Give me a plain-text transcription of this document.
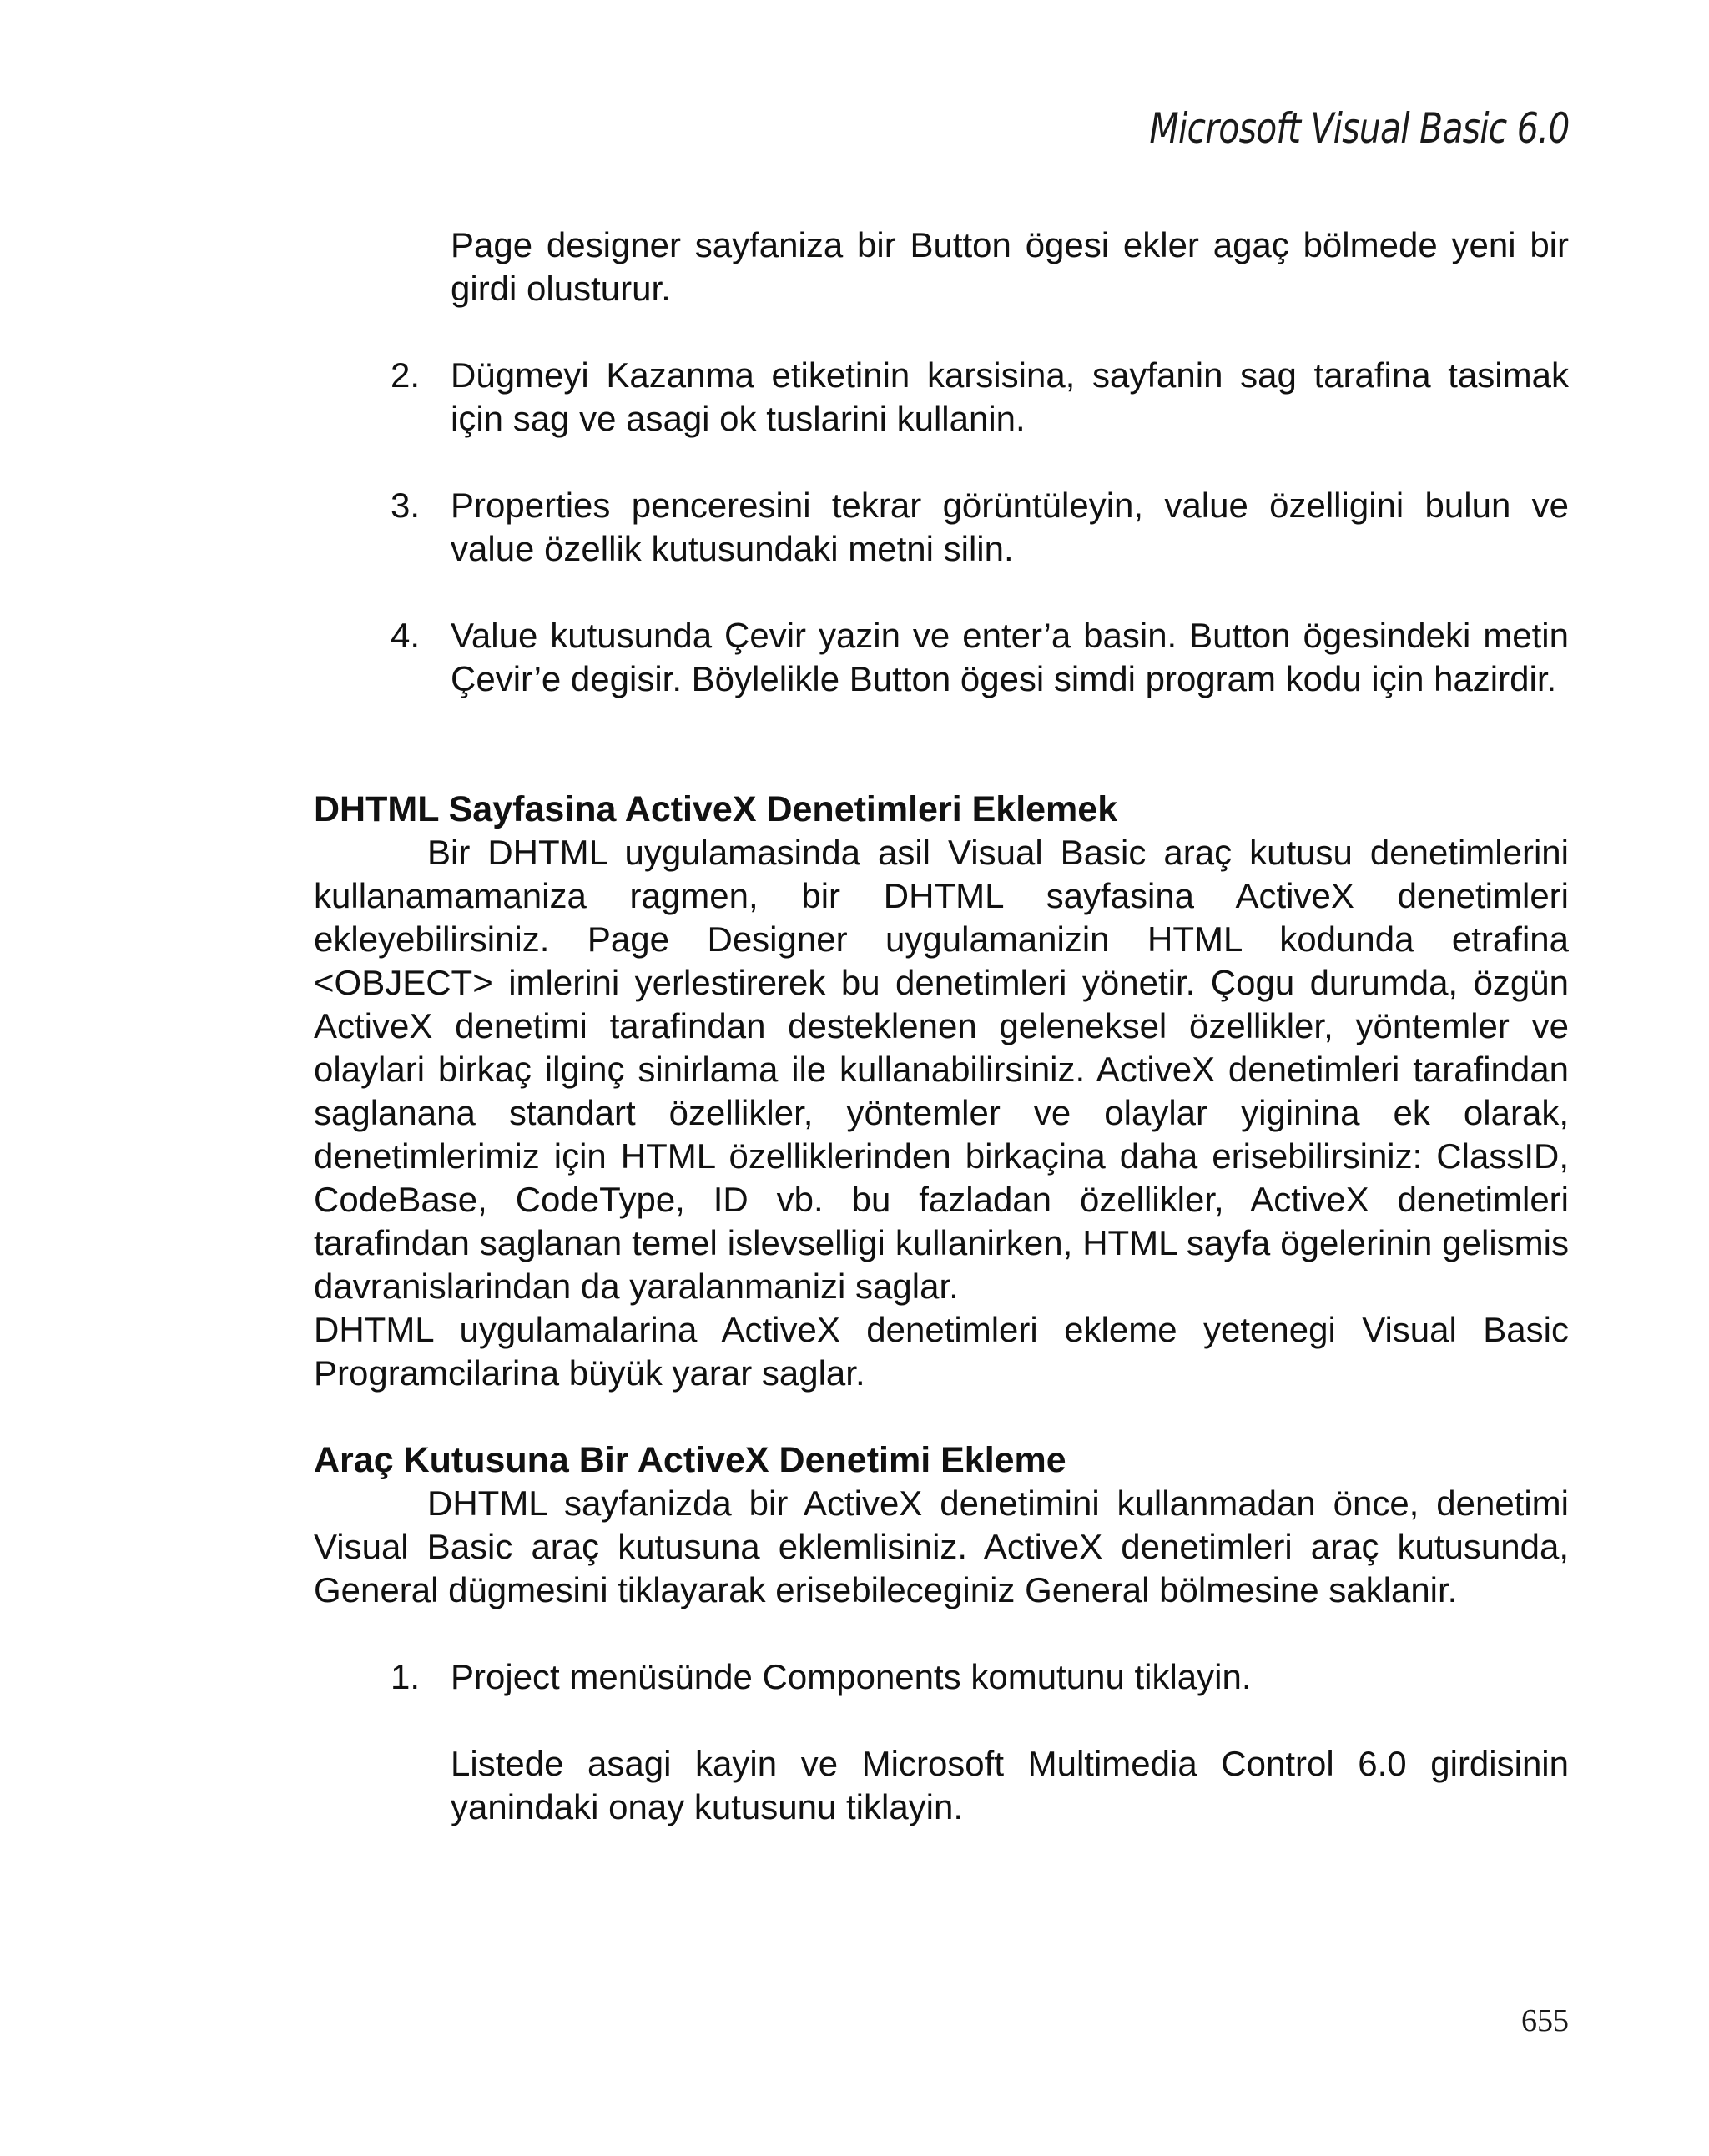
Microsoft Visual Basic 6.0

Page designer sayfaniza bir Button ögesi ekler agaç bölmede yeni bir girdi olusturur.

2. Dügmeyi Kazanma etiketinin karsisina, sayfanin sag tarafina tasimak için sag ve asagi ok tuslarini kullanin.

3. Properties penceresini tekrar görüntüleyin, value özelligini bulun ve value özellik kutusundaki metni silin.

4. Value kutusunda Çevir yazin ve enter’a basin. Button ögesindeki metin Çevir’e degisir. Böylelikle Button ögesi simdi program kodu için hazirdir.

DHTML Sayfasina ActiveX Denetimleri Eklemek

Bir DHTML uygulamasinda asil Visual Basic araç kutusu denetimlerini kullanamamaniza ragmen, bir DHTML sayfasina ActiveX denetimleri ekleyebilirsiniz. Page Designer uygulamanizin HTML kodunda etrafina <OBJECT> imlerini yerlestirerek bu denetimleri yönetir. Çogu durumda, özgün ActiveX denetimi tarafindan desteklenen geleneksel özellikler, yöntemler ve olaylari birkaç ilginç sinirlama ile kullanabilirsiniz. ActiveX denetimleri tarafindan saglanana standart özellikler, yöntemler ve olaylar yiginina ek olarak, denetimlerimiz için HTML özelliklerinden birkaçina daha erisebilirsiniz: ClassID, CodeBase, CodeType, ID vb. bu fazladan özellikler, ActiveX denetimleri tarafindan saglanan temel islevselligi kullanirken, HTML sayfa ögelerinin gelismis davranislarindan da yaralanmanizi saglar.

DHTML uygulamalarina ActiveX denetimleri ekleme yetenegi Visual Basic Programcilarina büyük yarar saglar.

Araç Kutusuna Bir ActiveX Denetimi Ekleme

DHTML sayfanizda bir ActiveX denetimini kullanmadan önce, denetimi Visual Basic araç kutusuna eklemlisiniz. ActiveX denetimleri araç kutusunda, General dügmesini tiklayarak erisebileceginiz General bölmesine saklanir.

1. Project menüsünde Components komutunu tiklayin.

Listede asagi kayin ve Microsoft Multimedia Control 6.0 girdisinin yanindaki onay kutusunu tiklayin.

655
